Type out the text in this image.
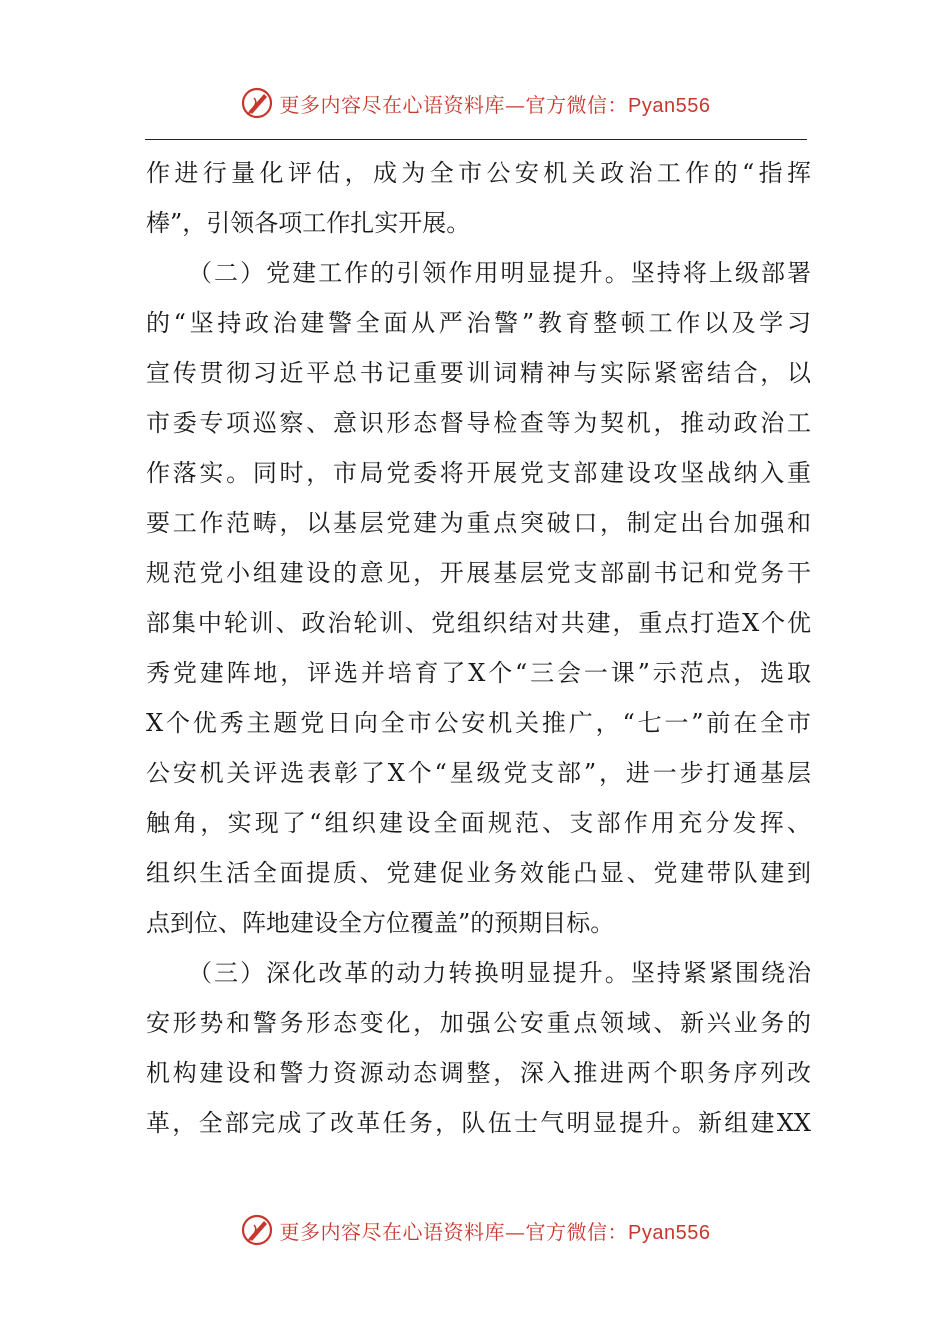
更多内容尽在心语资料库—官方微信：Pyan556
作进行量化评估，成为全市公安机关政治工作的“指挥
棒”，引领各项工作扎实开展。
（二）党建工作的引领作用明显提升。坚持将上级部署
的“坚持政治建警全面从严治警”教育整顿工作以及学习
宣传贯彻习近平总书记重要训词精神与实际紧密结合，以
市委专项巡察、意识形态督导检查等为契机，推动政治工
作落实。同时，市局党委将开展党支部建设攻坚战纳入重
要工作范畴，以基层党建为重点突破口，制定出台加强和
规范党小组建设的意见，开展基层党支部副书记和党务干
部集中轮训、政治轮训、党组织结对共建，重点打造X个优
秀党建阵地，评选并培育了X个“三会一课”示范点，选取
X个优秀主题党日向全市公安机关推广，“七一”前在全市
公安机关评选表彰了X个“星级党支部”，进一步打通基层
触角，实现了“组织建设全面规范、支部作用充分发挥、
组织生活全面提质、党建促业务效能凸显、党建带队建到
点到位、阵地建设全方位覆盖”的预期目标。
（三）深化改革的动力转换明显提升。坚持紧紧围绕治
安形势和警务形态变化，加强公安重点领域、新兴业务的
机构建设和警力资源动态调整，深入推进两个职务序列改
革，全部完成了改革任务，队伍士气明显提升。新组建XX
更多内容尽在心语资料库—官方微信：Pyan556
